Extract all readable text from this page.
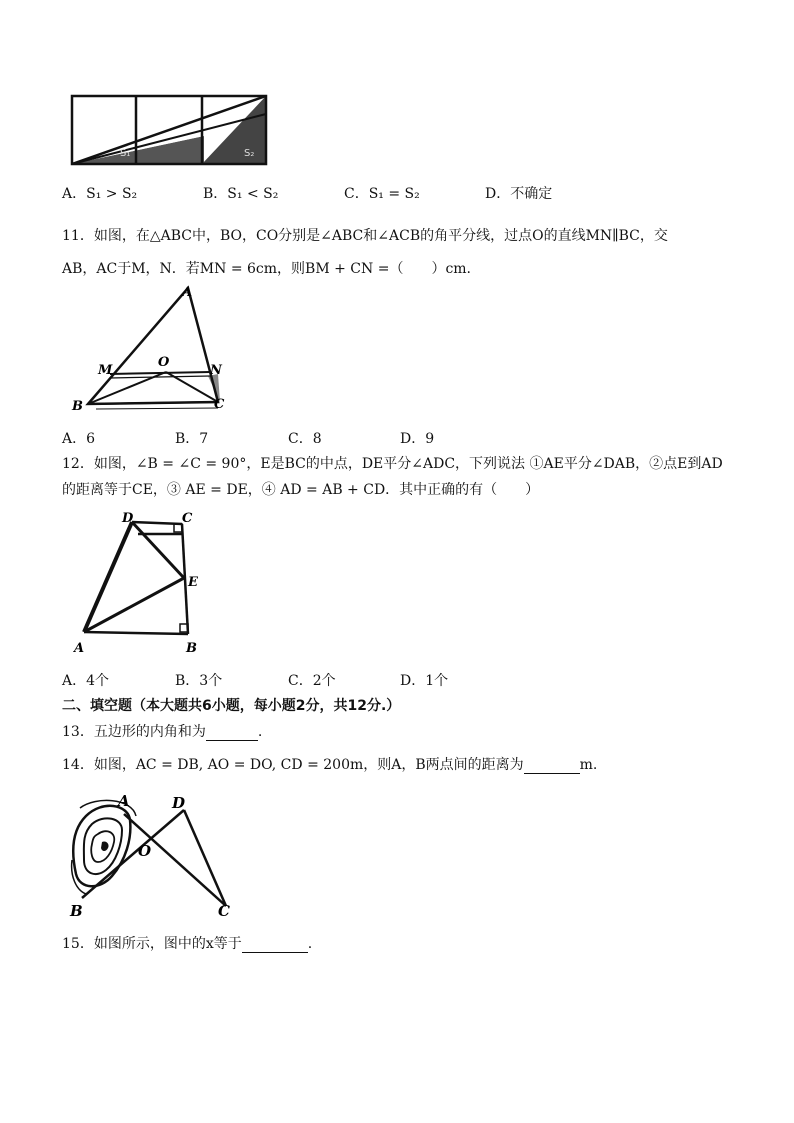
S₁	S₂
A．S₁ > S₂	B．S₁ < S₂	C．S₁ = S₂	D．不确定
11．如图，在△ABC中，BO，CO分别是∠ABC和∠ACB的角平分线，过点O的直线MN∥BC，交
AB，AC于M，N．若MN = 6cm，则BM + CN =（　　）cm.
A
M
O
N
B	C
A．6	B．7	C．8	D．9
12．如图，∠B = ∠C = 90°，E是BC的中点，DE平分∠ADC，下列说法 ①AE平分∠DAB，②点E到AD
的距离等于CE，③ AE = DE，④ AD = AB + CD．其中正确的有（　　）
D	C
E
A	B
A．4个	B．3个	C．2个	D．1个
二、填空题（本大题共6小题，每小题2分，共12分.）
13．五边形的内角和为	.
14．如图，AC = DB, AO = DO, CD = 200m，则A，B两点间的距离为	m.
A	D
O
B	C
15．如图所示，图中的x等于	.
